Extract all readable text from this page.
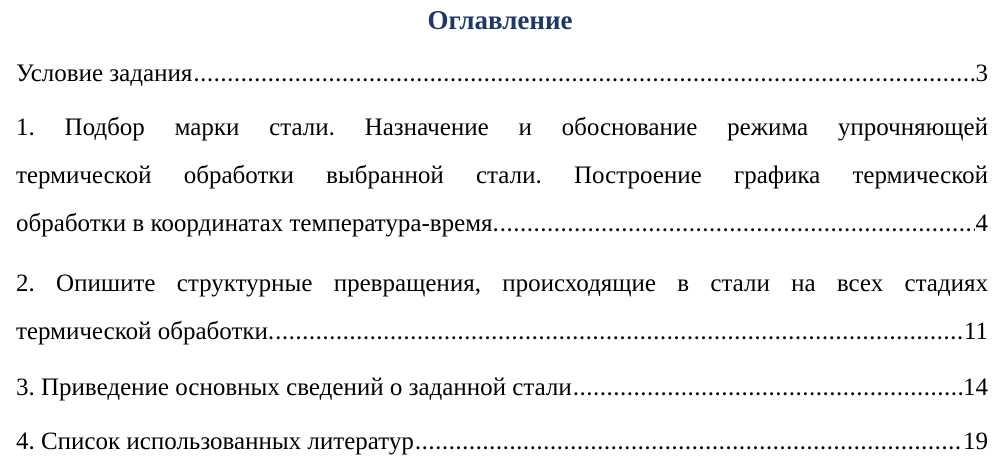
Оглавление
Условие задания .....	3
1. Подбор марки стали. Назначение и обоснование режима упрочняющей
термической обработки выбранной стали. Построение графика термической
обработки в координатах температура-время. .....	4
2. Опишите структурные превращения, происходящие в стали на всех стадиях
термической обработки. .....	11
3. Приведение основных сведений о заданной стали .....	14
4. Список использованных литератур .....	19
